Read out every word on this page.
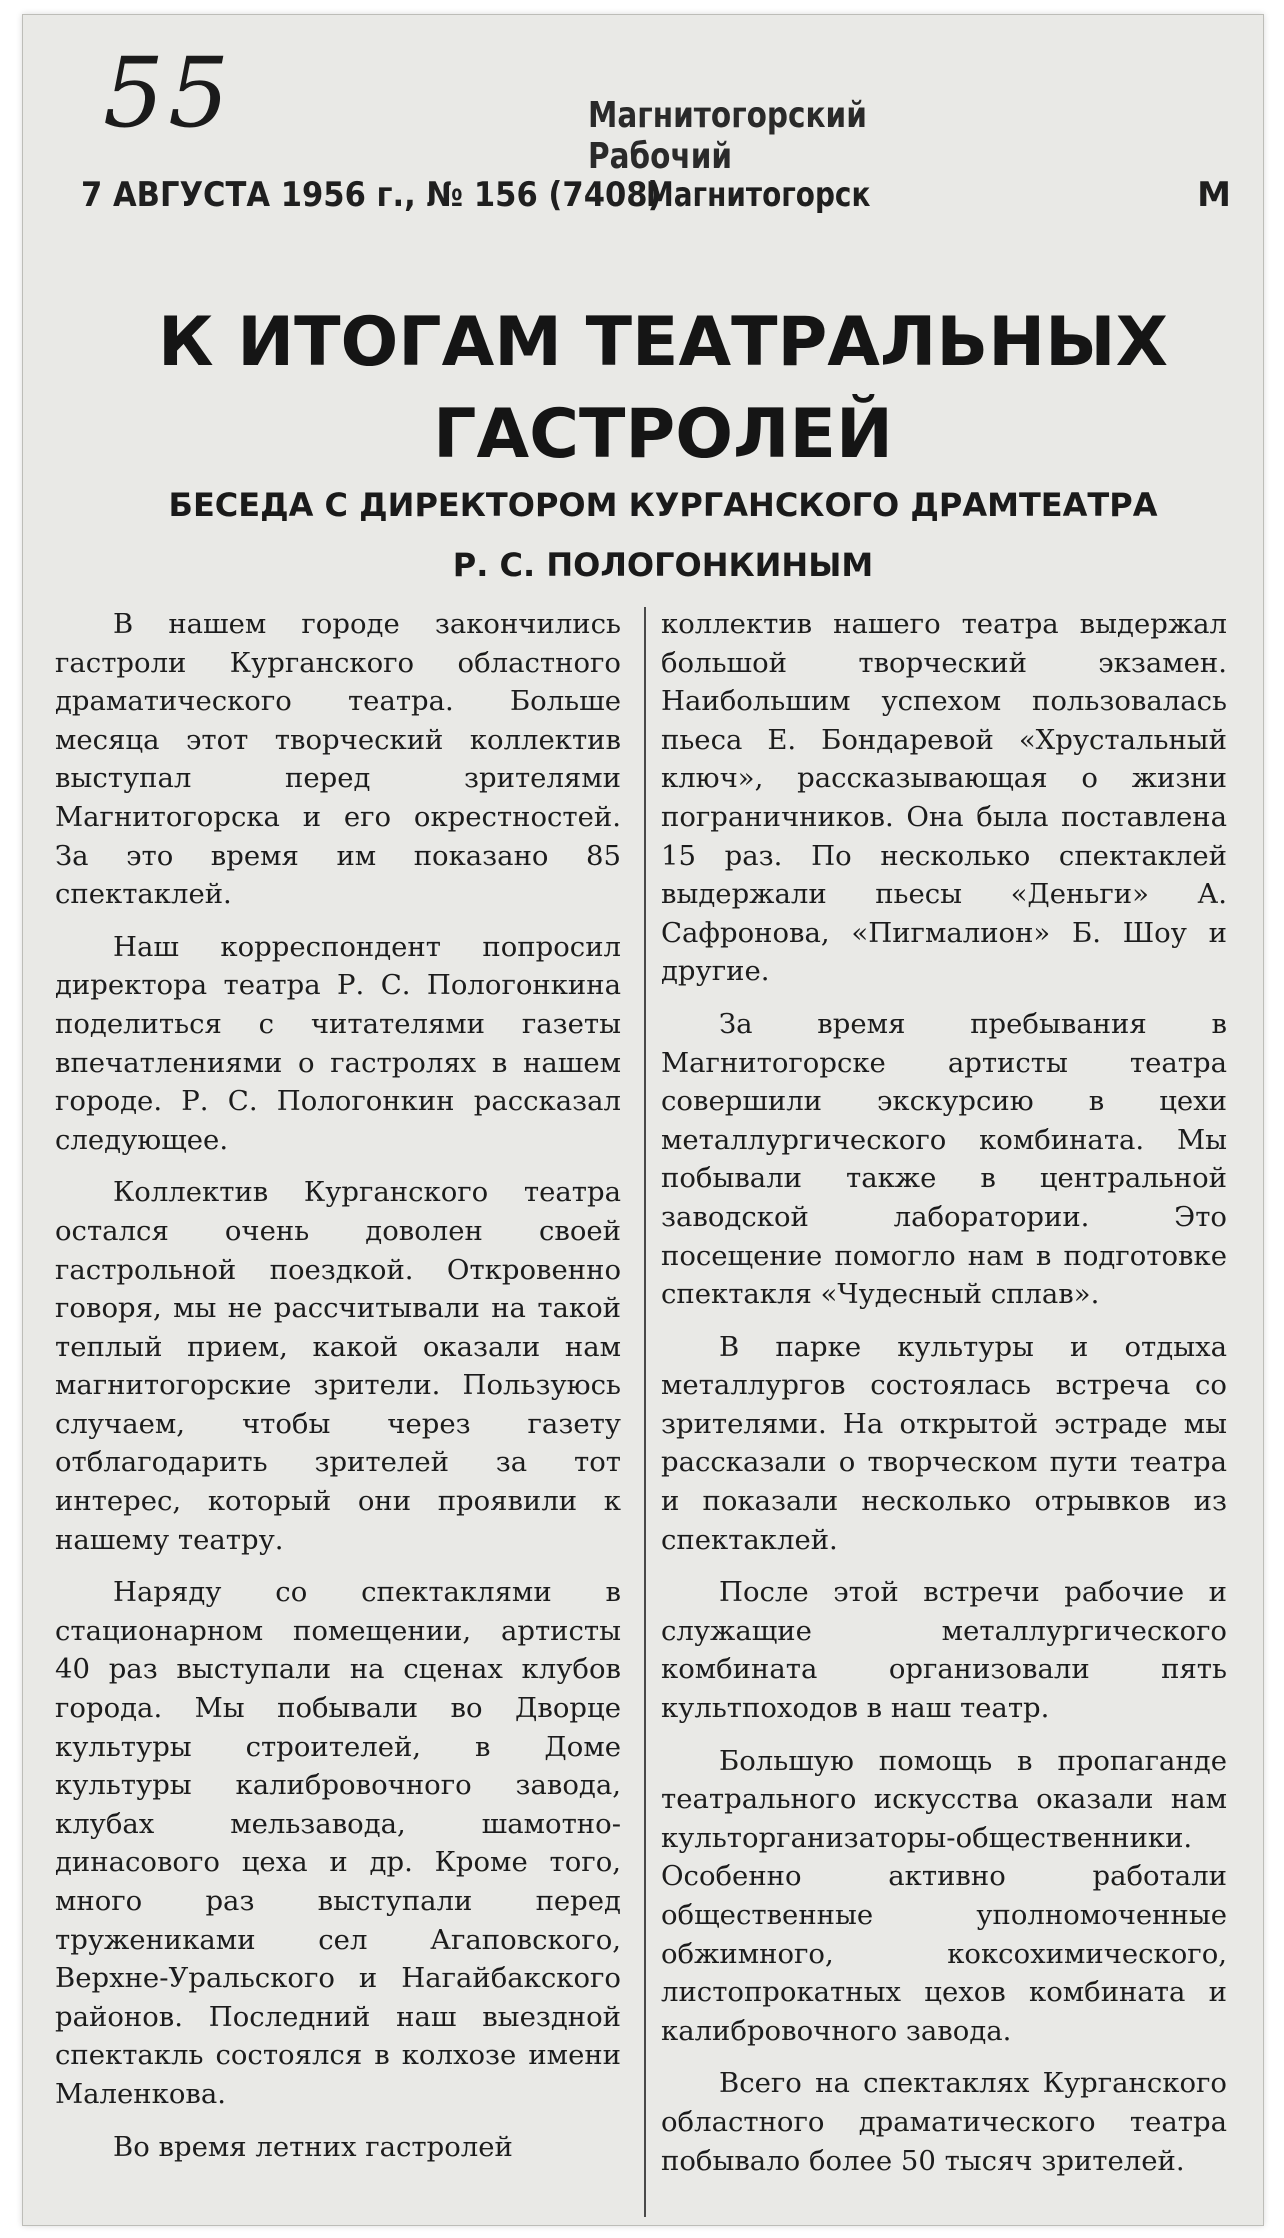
55	Магнитогорский Рабочий
7 АВГУСТА 1956 г., № 156 (7408)
Магнитогорск	М
К ИТОГАМ ТЕАТРАЛЬНЫХ
ГАСТРОЛЕЙ
БЕСЕДА С ДИРЕКТОРОМ КУРГАНСКОГО ДРАМТЕАТРА
Р. С. ПОЛОГОНКИНЫМ

В нашем городе закончились гастроли Курганского областного драматического театра. Больше месяца этот творческий коллектив выступал перед зрителями Магнитогорска и его окрестностей. За это время им показано 85 спектаклей.

Наш корреспондент попросил директора театра Р. С. Пологонкина поделиться с читателями газеты впечатлениями о гастролях в нашем городе. Р. С. Пологонкин рассказал следующее.

Коллектив Курганского театра остался очень доволен своей гастрольной поездкой. Откровенно говоря, мы не рассчитывали на такой теплый прием, какой оказали нам магнитогорские зрители. Пользуюсь случаем, чтобы через газету отблагодарить зрителей за тот интерес, который они проявили к нашему театру.

Наряду со спектаклями в стационарном помещении, артисты 40 раз выступали на сценах клубов города. Мы побывали во Дворце культуры строителей, в Доме культуры калибровочного завода, клубах мельзавода, шамотно-динасового цеха и др. Кроме того, много раз выступали перед тружениками сел Агаповского, Верхне-Уральского и Нагайбакского районов. Последний наш выездной спектакль состоялся в колхозе имени Маленкова.

Во время летних гастролей

коллектив нашего театра выдержал большой творческий экзамен. Наибольшим успехом пользовалась пьеса Е. Бондаревой «Хрустальный ключ», рассказывающая о жизни пограничников. Она была поставлена 15 раз. По несколько спектаклей выдержали пьесы «Деньги» А. Сафронова, «Пигмалион» Б. Шоу и другие.

За время пребывания в Магнитогорске артисты театра совершили экскурсию в цехи металлургического комбината. Мы побывали также в центральной заводской лаборатории. Это посещение помогло нам в подготовке спектакля «Чудесный сплав».

В парке культуры и отдыха металлургов состоялась встреча со зрителями. На открытой эстраде мы рассказали о творческом пути театра и показали несколько отрывков из спектаклей.

После этой встречи рабочие и служащие металлургического комбината организовали пять культпоходов в наш театр.

Большую помощь в пропаганде театрального искусства оказали нам культорганизаторы-общественники. Особенно активно работали общественные уполномоченные обжимного, коксохимического, листопрокатных цехов комбината и калибровочного завода.

Всего на спектаклях Курганского областного драматического театра побывало более 50 тысяч зрителей.
